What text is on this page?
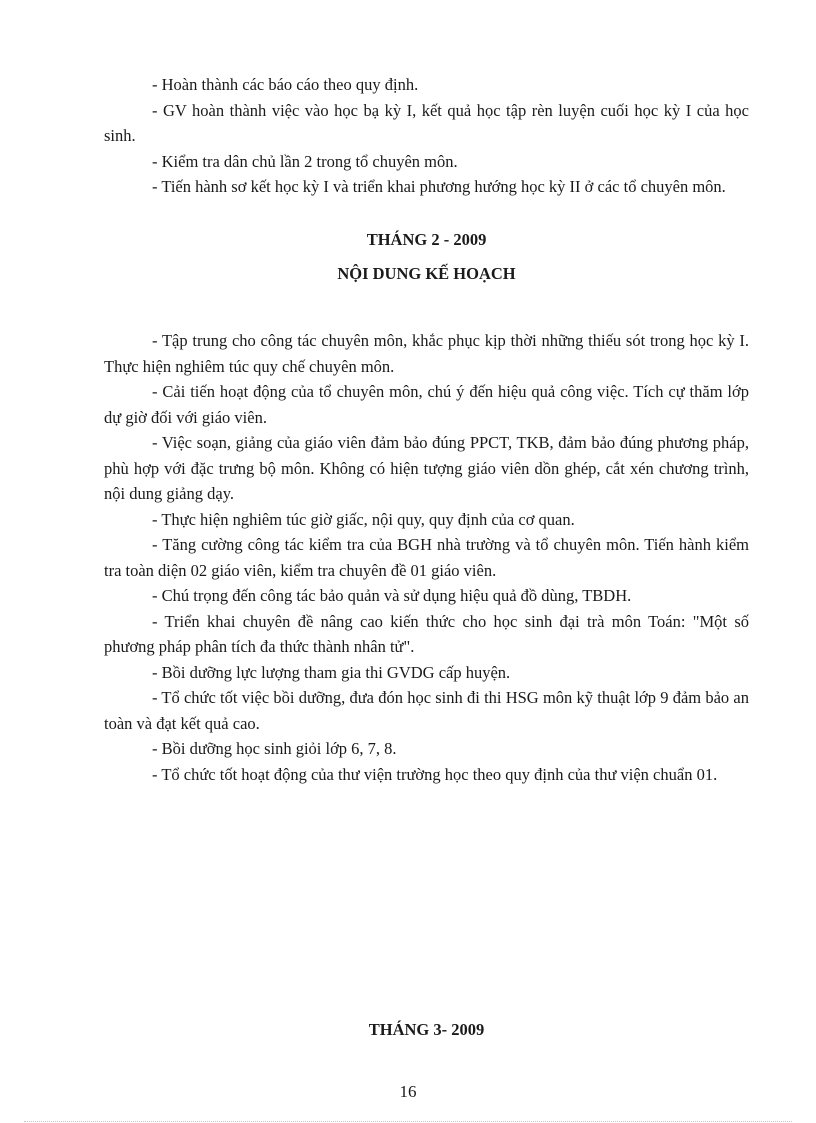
- Hoàn thành các báo cáo theo quy định.

- GV hoàn thành việc vào học bạ kỳ I, kết quả học tập rèn luyện cuối học kỳ I của học sinh.

- Kiểm tra dân chủ lần 2 trong tổ chuyên môn.

- Tiến hành sơ kết học kỳ I và triển khai phương hướng học kỳ II ở các tổ chuyên môn.

THÁNG 2 - 2009
NỘI DUNG KẾ HOẠCH

- Tập trung cho công tác chuyên môn, khắc phục kịp thời những thiếu sót trong học kỳ I. Thực hiện nghiêm túc quy chế chuyên môn.

- Cải tiến hoạt động của tổ chuyên môn, chú ý đến hiệu quả công việc. Tích cự thăm lớp dự giờ đối với giáo viên.

- Việc soạn, giảng của giáo viên đảm bảo đúng PPCT, TKB, đảm bảo đúng phương pháp, phù hợp với đặc trưng bộ môn. Không có hiện tượng giáo viên dồn ghép, cắt xén chương trình, nội dung giảng dạy.

- Thực hiện nghiêm túc giờ giấc, nội quy, quy định của cơ quan.

- Tăng cường công tác kiểm tra của BGH nhà trường và tổ chuyên môn. Tiến hành kiểm tra toàn diện 02 giáo viên, kiểm tra chuyên đề 01 giáo viên.

- Chú trọng đến công tác bảo quản và sử dụng hiệu quả đồ dùng, TBDH.

- Triển khai chuyên đề nâng cao kiến thức cho học sinh đại trà môn Toán: "Một số phương pháp phân tích đa thức thành nhân tử".

- Bồi dưỡng lực lượng tham gia thi GVDG cấp huyện.

- Tổ chức tốt việc bồi dưỡng, đưa đón học sinh đi thi HSG môn kỹ thuật lớp 9 đảm bảo an toàn và đạt kết quả cao.

- Bồi dưỡng học sinh giỏi lớp 6, 7, 8.

- Tổ chức tốt hoạt động của thư viện trường học theo quy định của thư viện chuẩn 01.

THÁNG 3- 2009

16
